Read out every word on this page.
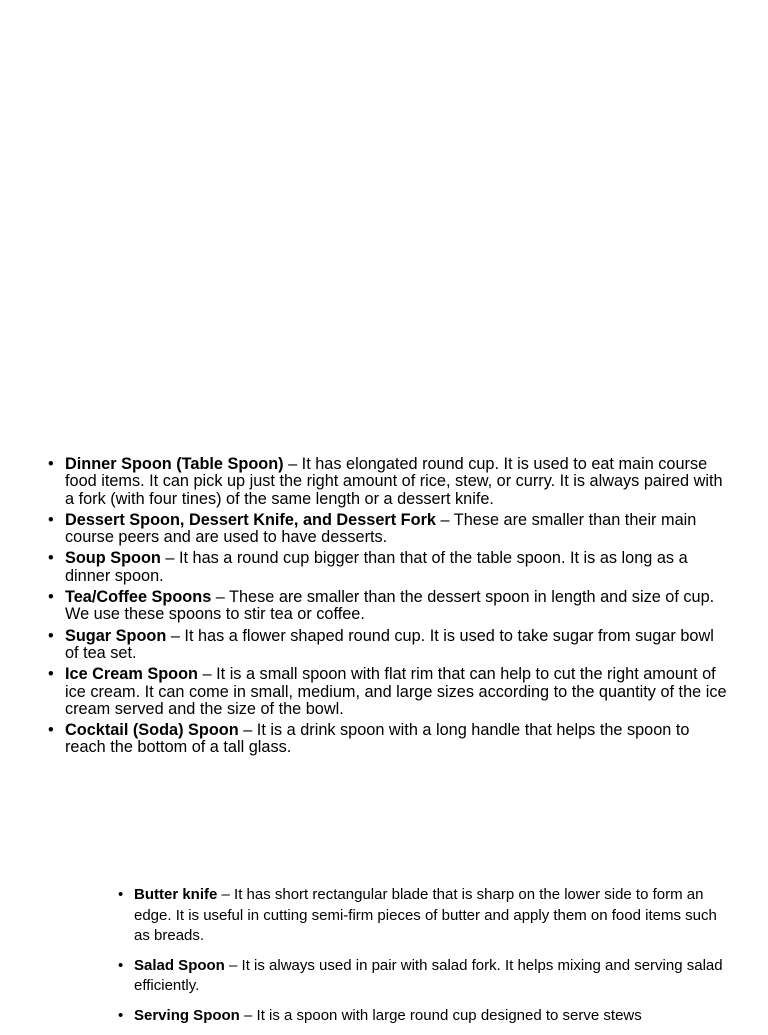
• Dinner Spoon (Table Spoon) – It has elongated round cup. It is used to eat main course food items. It can pick up just the right amount of rice, stew, or curry. It is always paired with a fork (with four tines) of the same length or a dessert knife.
• Dessert Spoon, Dessert Knife, and Dessert Fork – These are smaller than their main course peers and are used to have desserts.
• Soup Spoon – It has a round cup bigger than that of the table spoon. It is as long as a dinner spoon.
• Tea/Coffee Spoons – These are smaller than the dessert spoon in length and size of cup. We use these spoons to stir tea or coffee.
• Sugar Spoon – It has a flower shaped round cup. It is used to take sugar from sugar bowl of tea set.
• Ice Cream Spoon – It is a small spoon with flat rim that can help to cut the right amount of ice cream. It can come in small, medium, and large sizes according to the quantity of the ice cream served and the size of the bowl.
• Cocktail (Soda) Spoon – It is a drink spoon with a long handle that helps the spoon to reach the bottom of a tall glass.
• Butter knife – It has short rectangular blade that is sharp on the lower side to form an edge. It is useful in cutting semi-firm pieces of butter and apply them on food items such as breads.
• Salad Spoon – It is always used in pair with salad fork. It helps mixing and serving salad efficiently.
• Serving Spoon – It is a spoon with large round cup designed to serve stews
